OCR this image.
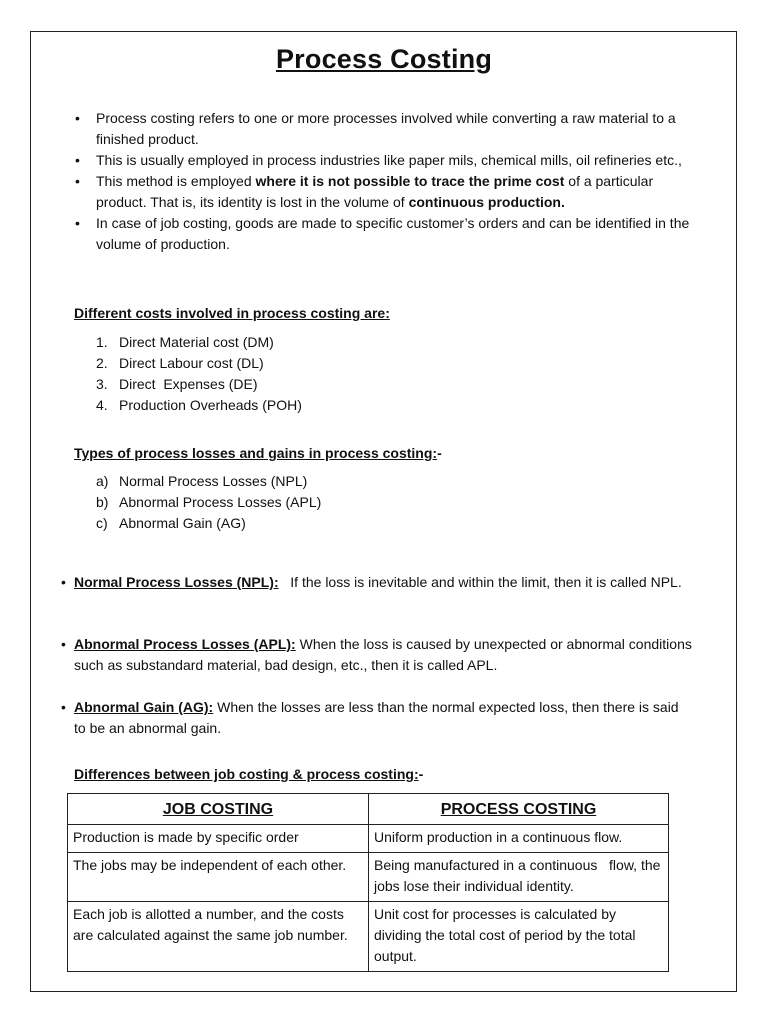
Process Costing
• Process costing refers to one or more processes involved while converting a raw material to a finished product.
• This is usually employed in process industries like paper mils, chemical mills, oil refineries etc.,
• This method is employed where it is not possible to trace the prime cost of a particular product. That is, its identity is lost in the volume of continuous production.
• In case of job costing, goods are made to specific customer’s orders and can be identified in the volume of production.
Different costs involved in process costing are:
1. Direct Material cost (DM)
2. Direct Labour cost (DL)
3. Direct  Expenses (DE)
4. Production Overheads (POH)
Types of process losses and gains in process costing:-
a) Normal Process Losses (NPL)
b) Abnormal Process Losses (APL)
c) Abnormal Gain (AG)
• Normal Process Losses (NPL):   If the loss is inevitable and within the limit, then it is called NPL.
• Abnormal Process Losses (APL): When the loss is caused by unexpected or abnormal conditions such as substandard material, bad design, etc., then it is called APL.
• Abnormal Gain (AG): When the losses are less than the normal expected loss, then there is said to be an abnormal gain.
Differences between job costing & process costing:-
JOB COSTING	PROCESS COSTING
Production is made by specific order	Uniform production in a continuous flow.
The jobs may be independent of each other.	Being manufactured in a continuous   flow, the jobs lose their individual identity.
Each job is allotted a number, and the costs are calculated against the same job number.	Unit cost for processes is calculated by dividing the total cost of period by the total output.
